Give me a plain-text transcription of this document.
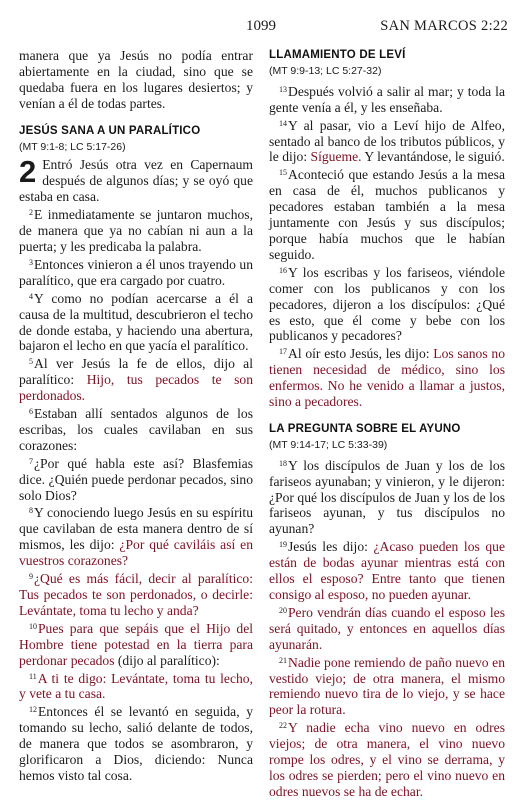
1099	SAN MARCOS 2:22

manera que ya Jesús no podía entrar abiertamente en la ciudad, sino que se quedaba fuera en los lugares desiertos; y venían a él de todas partes.

JESÚS SANA A UN PARALÍTICO

(MT 9:1-8; LC 5:17-26)

2 Entró Jesús otra vez en Capernaum después de algunos días; y se oyó que estaba en casa.

$^2$E inmediatamente se juntaron muchos, de manera que ya no cabían ni aun a la puerta; y les predicaba la palabra.

$^3$Entonces vinieron a él unos trayendo un paralítico, que era cargado por cuatro.

$^4$Y como no podían acercarse a él a causa de la multitud, descubrieron el techo de donde estaba, y haciendo una abertura, bajaron el lecho en que yacía el paralítico.

$^5$Al ver Jesús la fe de ellos, dijo al paralítico: Hijo, tus pecados te son perdonados.

$^6$Estaban allí sentados algunos de los escribas, los cuales cavilaban en sus corazones:

$^7$¿Por qué habla este así? Blasfemias dice. ¿Quién puede perdonar pecados, sino solo Dios?

$^8$Y conociendo luego Jesús en su espíritu que cavilaban de esta manera dentro de sí mismos, les dijo: ¿Por qué caviláis así en vuestros corazones?

$^9$¿Qué es más fácil, decir al paralítico: Tus pecados te son perdonados, o decirle: Levántate, toma tu lecho y anda?

$^{10}$Pues para que sepáis que el Hijo del Hombre tiene potestad en la tierra para perdonar pecados (dijo al paralítico):

$^{11}$A ti te digo: Levántate, toma tu lecho, y vete a tu casa.

$^{12}$Entonces él se levantó en seguida, y tomando su lecho, salió delante de todos, de manera que todos se asombraron, y glorificaron a Dios, diciendo: Nunca hemos visto tal cosa.

LLAMAMIENTO DE LEVÍ

(MT 9:9-13; LC 5:27-32)

$^{13}$Después volvió a salir al mar; y toda la gente venía a él, y les enseñaba.

$^{14}$Y al pasar, vio a Leví hijo de Alfeo, sentado al banco de los tributos públicos, y le dijo: Sígueme. Y levantándose, le siguió.

$^{15}$Aconteció que estando Jesús a la mesa en casa de él, muchos publicanos y pecadores estaban también a la mesa juntamente con Jesús y sus discípulos; porque había muchos que le habían seguido.

$^{16}$Y los escribas y los fariseos, viéndole comer con los publicanos y con los pecadores, dijeron a los discípulos: ¿Qué es esto, que él come y bebe con los publicanos y pecadores?

$^{17}$Al oír esto Jesús, les dijo: Los sanos no tienen necesidad de médico, sino los enfermos. No he venido a llamar a justos, sino a pecadores.

LA PREGUNTA SOBRE EL AYUNO

(MT 9:14-17; LC 5:33-39)

$^{18}$Y los discípulos de Juan y los de los fariseos ayunaban; y vinieron, y le dijeron: ¿Por qué los discípulos de Juan y los de los fariseos ayunan, y tus discípulos no ayunan?

$^{19}$Jesús les dijo: ¿Acaso pueden los que están de bodas ayunar mientras está con ellos el esposo? Entre tanto que tienen consigo al esposo, no pueden ayunar.

$^{20}$Pero vendrán días cuando el esposo les será quitado, y entonces en aquellos días ayunarán.

$^{21}$Nadie pone remiendo de paño nuevo en vestido viejo; de otra manera, el mismo remiendo nuevo tira de lo viejo, y se hace peor la rotura.

$^{22}$Y nadie echa vino nuevo en odres viejos; de otra manera, el vino nuevo rompe los odres, y el vino se derrama, y los odres se pierden; pero el vino nuevo en odres nuevos se ha de echar.
